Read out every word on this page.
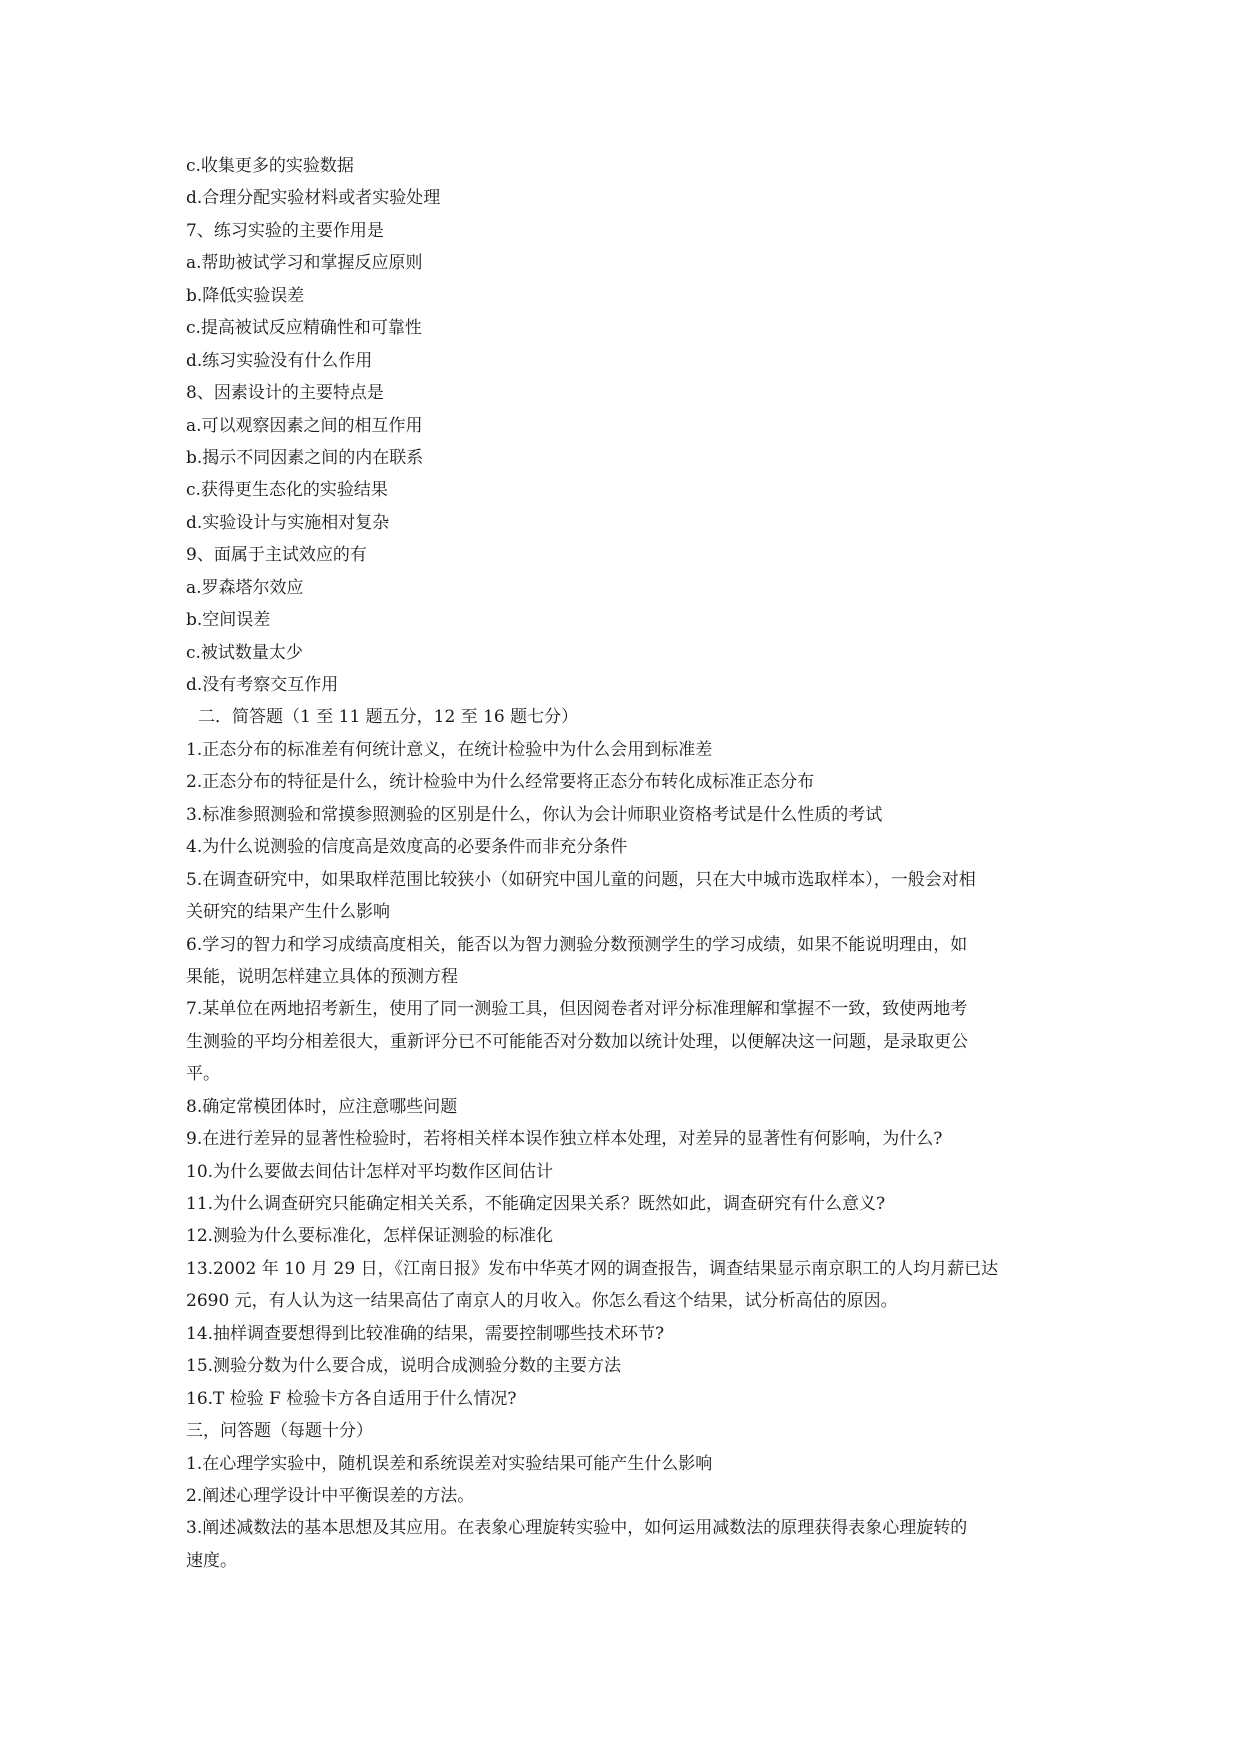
c.收集更多的实验数据
d.合理分配实验材料或者实验处理
7、练习实验的主要作用是
a.帮助被试学习和掌握反应原则
b.降低实验误差
c.提高被试反应精确性和可靠性
d.练习实验没有什么作用
8、因素设计的主要特点是
a.可以观察因素之间的相互作用
b.揭示不同因素之间的内在联系
c.获得更生态化的实验结果
d.实验设计与实施相对复杂
9、面属于主试效应的有
a.罗森塔尔效应
b.空间误差
c.被试数量太少
d.没有考察交互作用
二．简答题（1 至 11 题五分，12 至 16 题七分）
1.正态分布的标准差有何统计意义，在统计检验中为什么会用到标准差
2.正态分布的特征是什么，统计检验中为什么经常要将正态分布转化成标准正态分布
3.标准参照测验和常摸参照测验的区别是什么，你认为会计师职业资格考试是什么性质的考试
4.为什么说测验的信度高是效度高的必要条件而非充分条件
5.在调查研究中，如果取样范围比较狭小（如研究中国儿童的问题，只在大中城市选取样本），一般会对相
关研究的结果产生什么影响
6.学习的智力和学习成绩高度相关，能否以为智力测验分数预测学生的学习成绩，如果不能说明理由，如
果能，说明怎样建立具体的预测方程
7.某单位在两地招考新生，使用了同一测验工具，但因阅卷者对评分标准理解和掌握不一致，致使两地考
生测验的平均分相差很大，重新评分已不可能能否对分数加以统计处理，以便解决这一问题，是录取更公
平。
8.确定常模团体时，应注意哪些问题
9.在进行差异的显著性检验时，若将相关样本误作独立样本处理，对差异的显著性有何影响，为什么?
10.为什么要做去间估计怎样对平均数作区间估计
11.为什么调查研究只能确定相关关系，不能确定因果关系？既然如此，调查研究有什么意义?
12.测验为什么要标准化，怎样保证测验的标准化
13.2002 年 10 月 29 日，《江南日报》发布中华英才网的调查报告，调查结果显示南京职工的人均月薪已达
2690 元，有人认为这一结果高估了南京人的月收入。你怎么看这个结果，试分析高估的原因。
14.抽样调查要想得到比较准确的结果，需要控制哪些技术环节?
15.测验分数为什么要合成，说明合成测验分数的主要方法
16.T 检验 F 检验卡方各自适用于什么情况?
三，问答题（每题十分）
1.在心理学实验中，随机误差和系统误差对实验结果可能产生什么影响
2.阐述心理学设计中平衡误差的方法。
3.阐述减数法的基本思想及其应用。在表象心理旋转实验中，如何运用减数法的原理获得表象心理旋转的
速度。
